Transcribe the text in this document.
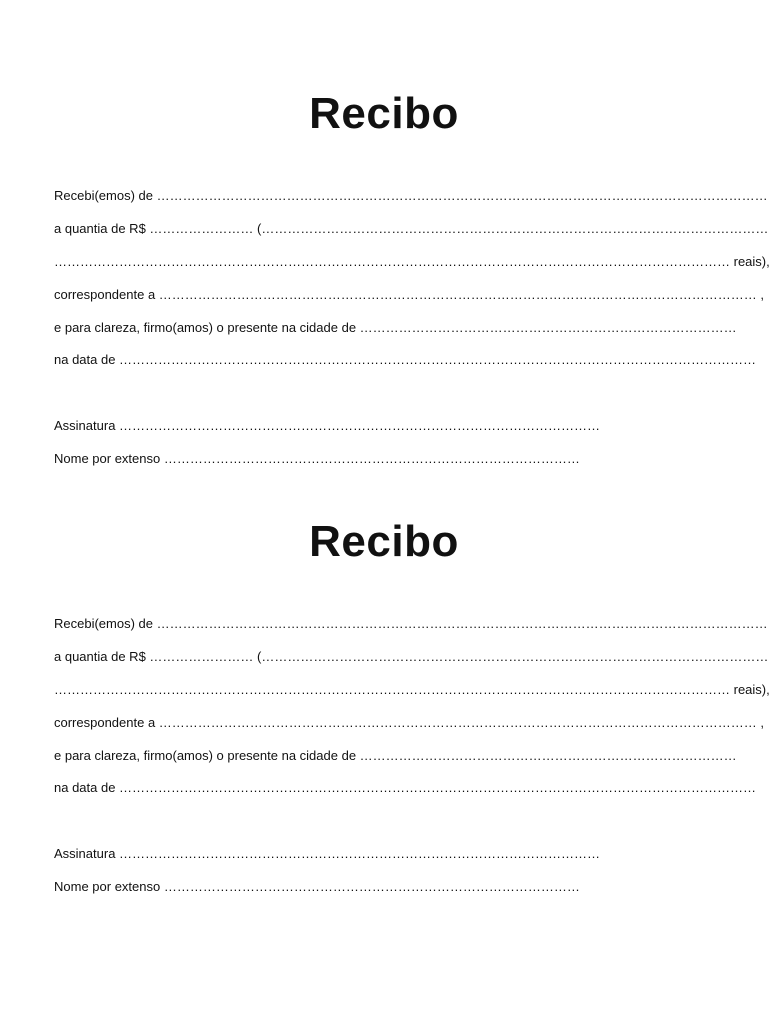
Recibo
Recebi(emos) de ……………………………………………………………………………………………………………………………
a quantia de R$ …………………… (………………………………………………………………………………………………………
………………………………………………………………………………………………………………………………………… reais),
correspondente a ………………………………………………………………………………………………………………………… ,
e para clareza, firmo(amos) o presente na cidade de ……………………………………………………………………………
na data de …………………………………………………………………………………………………………………………………
Assinatura …………………………………………………………………………………………………
Nome por extenso ……………………………………………………………………………………
Recibo
Recebi(emos) de ……………………………………………………………………………………………………………………………
a quantia de R$ …………………… (………………………………………………………………………………………………………
………………………………………………………………………………………………………………………………………… reais),
correspondente a ………………………………………………………………………………………………………………………… ,
e para clareza, firmo(amos) o presente na cidade de ……………………………………………………………………………
na data de …………………………………………………………………………………………………………………………………
Assinatura …………………………………………………………………………………………………
Nome por extenso ……………………………………………………………………………………
